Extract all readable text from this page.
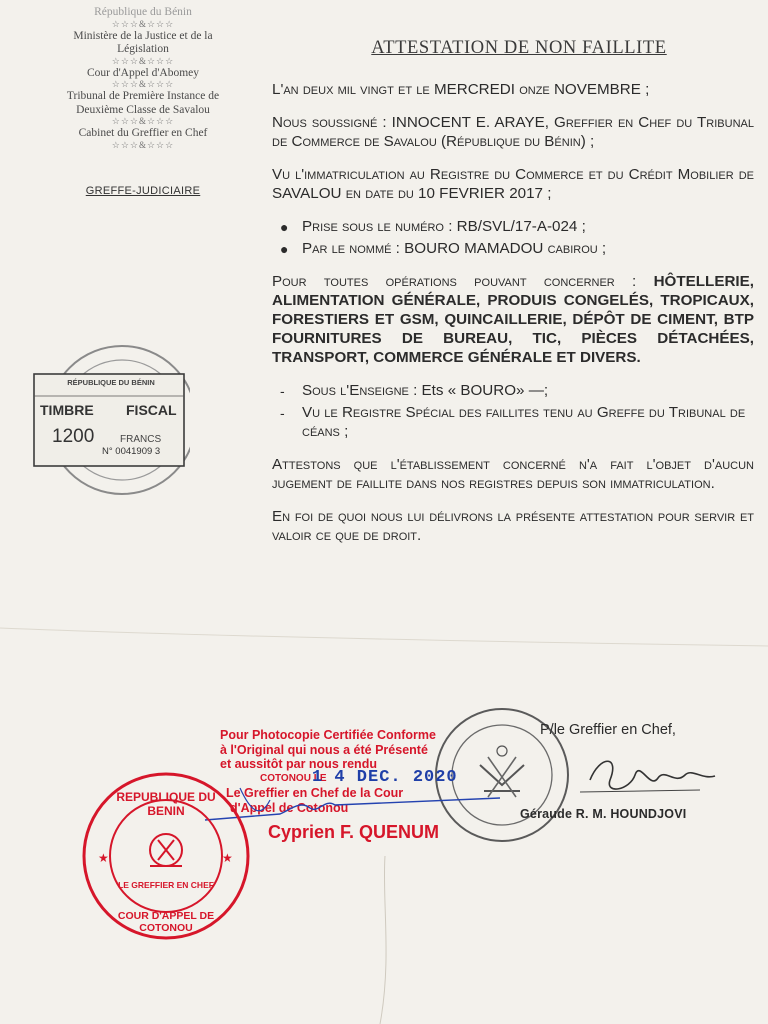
République du Bénin
☆☆☆&☆☆☆
Ministère de la Justice et de la
Législation
☆☆☆&☆☆☆
Cour d'Appel d'Abomey
☆☆☆&☆☆☆
Tribunal de Première Instance de
Deuxième Classe de Savalou
☆☆☆&☆☆☆
Cabinet du Greffier en Chef
☆☆☆&☆☆☆
GREFFE-JUDICIAIRE
ATTESTATION DE NON FAILLITE

L'an deux mil vingt et le MERCREDI onze NOVEMBRE ;

Nous soussigné : INNOCENT E. ARAYE, Greffier en Chef du Tribunal de Commerce de Savalou (République du Bénin) ;

Vu l'immatriculation au Registre du Commerce et du Crédit Mobilier de SAVALOU en date du 10 FEVRIER 2017 ;

● Prise sous le numéro : RB/SVL/17-A-024 ;
● Par le nommé : BOURO MAMADOU cabirou ;

Pour toutes opérations pouvant concerner : HÔTELLERIE, ALIMENTATION GÉNÉRALE, PRODUIS CONGELÉS, TROPICAUX, FORESTIERS ET GSM, QUINCAILLERIE, DÉPÔT DE CIMENT, BTP FOURNITURES DE BUREAU, TIC, PIÈCES DÉTACHÉES, TRANSPORT, COMMERCE GÉNÉRALE ET DIVERS.

- Sous l'Enseigne : Ets « BOURO» —;
- Vu le Registre Spécial des faillites tenu au Greffe du Tribunal de céans ;

Attestons que l'établissement concerné n'a fait l'objet d'aucun jugement de faillite dans nos registres depuis son immatriculation.

En foi de quoi nous lui délivrons la présente attestation pour servir et valoir ce que de droit.

RÉPUBLIQUE DU BÉNIN
TIMBRE FISCAL
1200	FRANCS
N° 0041909 3
P/le Greffier en Chef,
Géraude R. M. HOUNDJOVI
Pour Photocopie Certifiée Conforme
à l'Original qui nous a été Présenté
et aussitôt par nous rendu
COTONOU LE
Le Greffier en Chef de la Cour
d'Appel de Cotonou
Cyprien F. QUENUM
1 4 DEC. 2020
★	★
REPUBLIQUE DU BENIN
LE GREFFIER EN CHEF
COUR D'APPEL DE COTONOU
